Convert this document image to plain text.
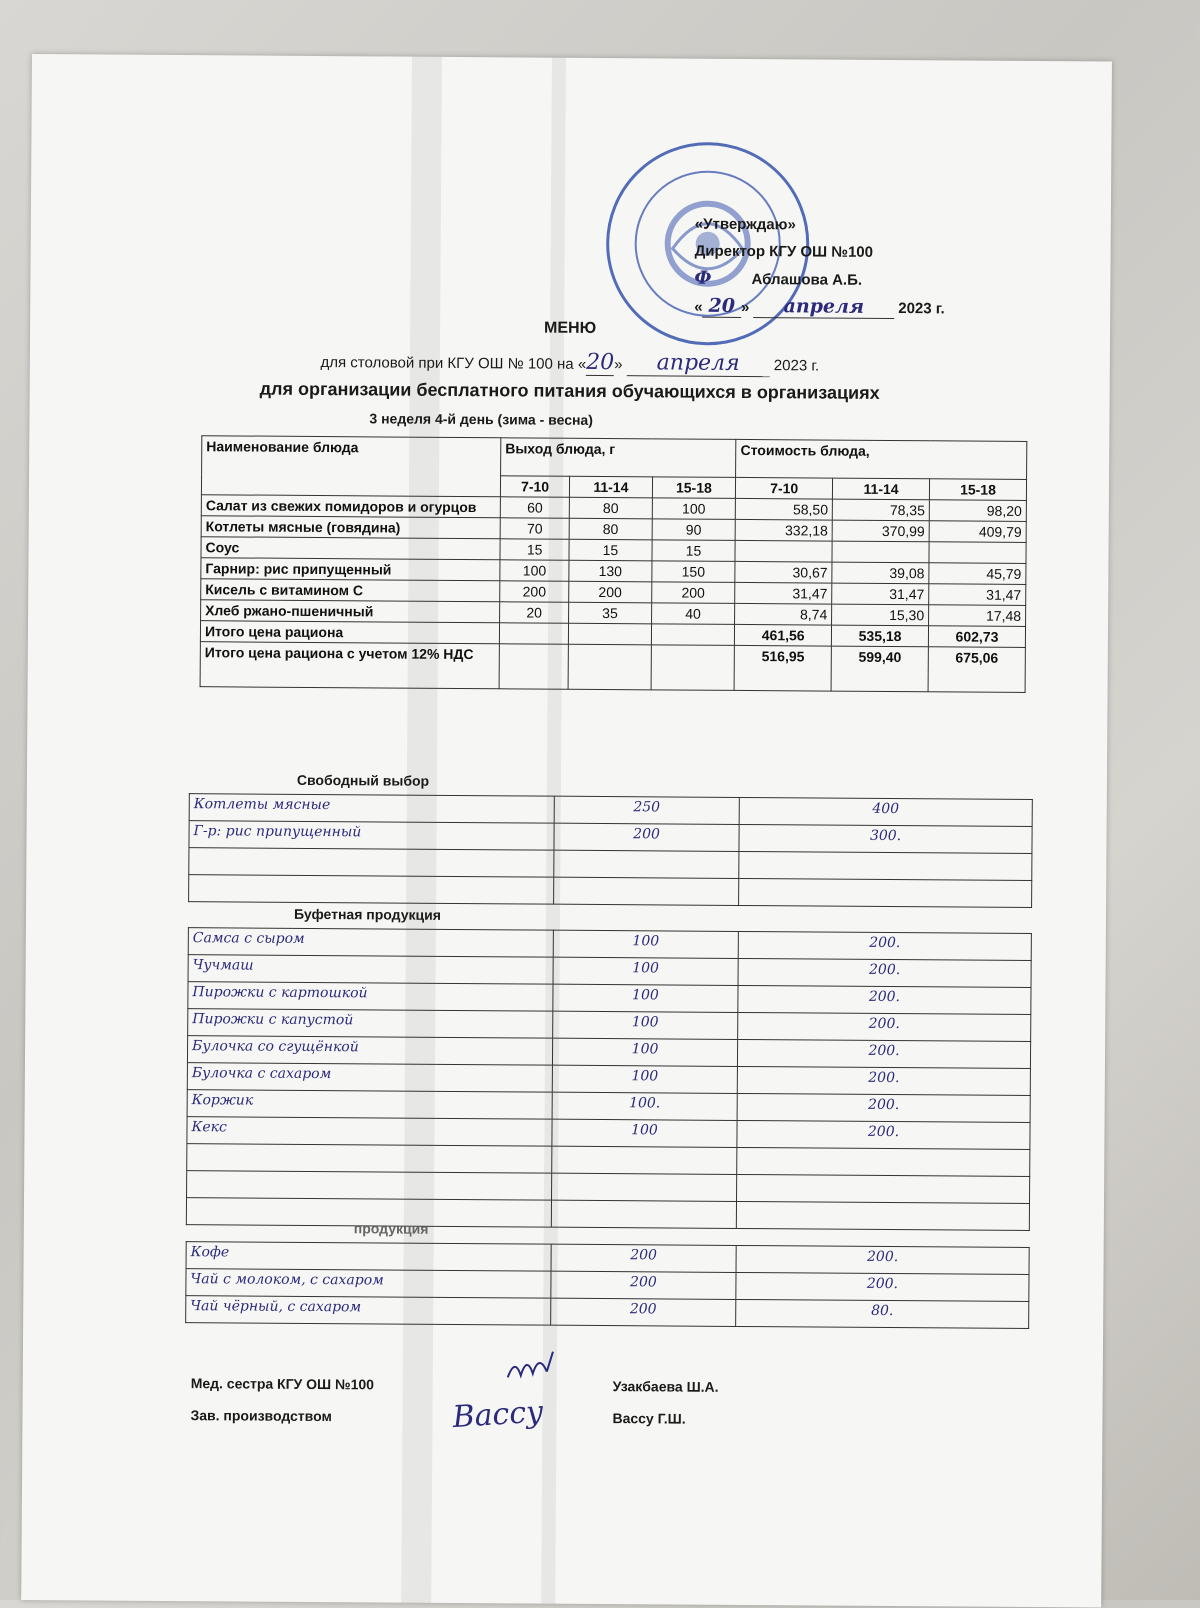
«Утверждаю»
Директор КГУ ОШ №100
Ф	Аблашова А.Б.
« 20 » апреля 2023 г.
МЕНЮ
для столовой при КГУ ОШ № 100 на «20» апреля 2023 г.
для организации бесплатного питания обучающихся в организациях
3 неделя 4-й день (зима - весна)
Наименование блюда	Выход блюда, г			Стоимость блюда,		
	7-10	11-14	15-18	7-10	11-14	15-18
Салат из свежих помидоров и огурцов	60	80	100	58,50	78,35	98,20
Котлеты мясные (говядина)	70	80	90	332,18	370,99	409,79
Соус	15	15	15			
Гарнир: рис припущенный	100	130	150	30,67	39,08	45,79
Кисель с витамином С	200	200	200	31,47	31,47	31,47
Хлеб ржано-пшеничный	20	35	40	8,74	15,30	17,48
Итого цена рациона				461,56	535,18	602,73
Итого цена рациона с учетом 12% НДС				516,95	599,40	675,06
Свободный выбор
Котлеты мясные	250	400
Г-р: рис припущенный	200	300.

Буфетная продукция
Самса с сыром	100	200.
Чучмаш	100	200.
Пирожки с картошкой	100	200.
Пирожки с капустой	100	200.
Булочка со сгущёнкой	100	200.
Булочка с сахаром	100	200.
Коржик	100.	200.
Кекс	100	200.

продукция
Кофе	200	200.
Чай с молоком, с сахаром	200	200.
Чай чёрный, с сахаром	200	80.
Мед. сестра КГУ ОШ №100	Узакбаева Ш.А.
Зав. производством	Вассу Г.Ш.
Вассу
